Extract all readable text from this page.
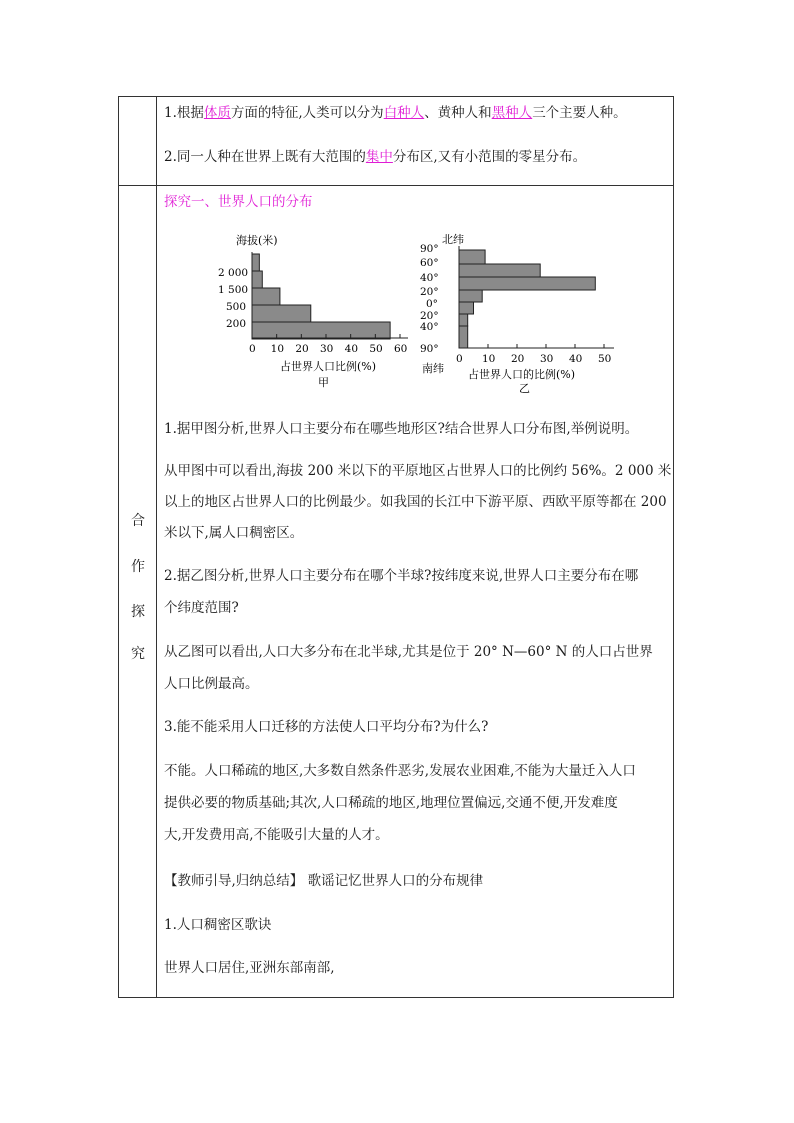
1.根据体质方面的特征,人类可以分为白种人、黄种人和黑种人三个主要人种。
2.同一人种在世界上既有大范围的集中分布区,又有小范围的零星分布。
合
作
探
究
探究一、世界人口的分布
海拔(米)
0 10 20 30 40 50 60
2 000
1 500
500
200
占世界人口比例(%)
甲
北纬
90°
60°
40°
20°
0°
20°
40°
90°
0 10 20 30 40 50
南纬 占世界人口的比例(%)
乙
1.据甲图分析,世界人口主要分布在哪些地形区?结合世界人口分布图,举例说明。
从甲图中可以看出,海拔 200 米以下的平原地区占世界人口的比例约 56%。2 000 米
以上的地区占世界人口的比例最少。如我国的长江中下游平原、西欧平原等都在 200
米以下,属人口稠密区。
2.据乙图分析,世界人口主要分布在哪个半球?按纬度来说,世界人口主要分布在哪
个纬度范围?
从乙图可以看出,人口大多分布在北半球,尤其是位于 20° N—60° N 的人口占世界
人口比例最高。
3.能不能采用人口迁移的方法使人口平均分布?为什么?
不能。人口稀疏的地区,大多数自然条件恶劣,发展农业困难,不能为大量迁入人口
提供必要的物质基础;其次,人口稀疏的地区,地理位置偏远,交通不便,开发难度
大,开发费用高,不能吸引大量的人才。
【教师引导,归纳总结】 歌谣记忆世界人口的分布规律
1.人口稠密区歌诀
世界人口居住,亚洲东部南部,
